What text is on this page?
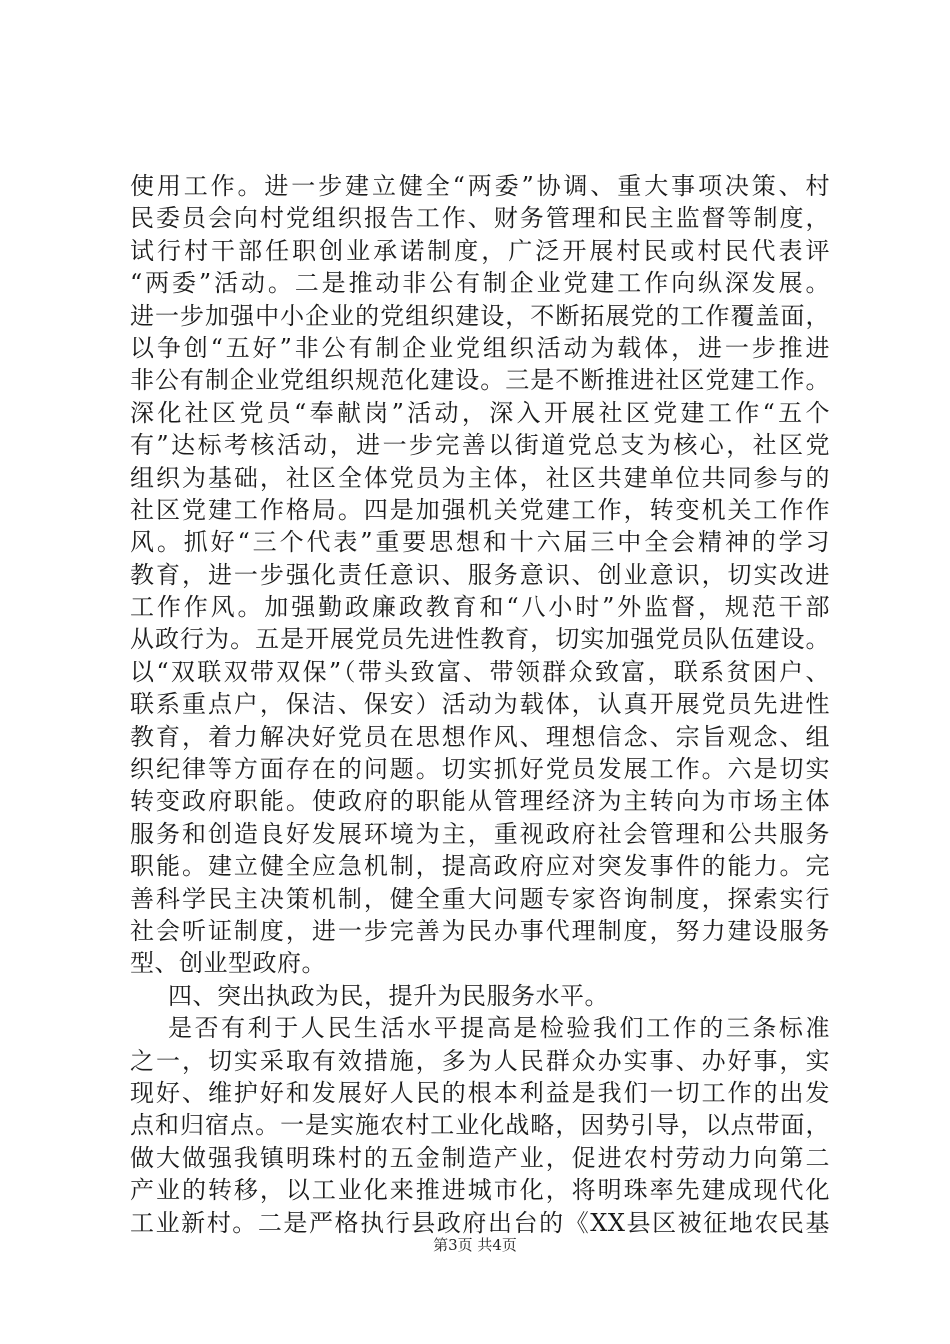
使用工作。进一步建立健全“两委”协调、重大事项决策、村
民委员会向村党组织报告工作、财务管理和民主监督等制度，
试行村干部任职创业承诺制度，广泛开展村民或村民代表评
“两委”活动。二是推动非公有制企业党建工作向纵深发展。
进一步加强中小企业的党组织建设，不断拓展党的工作覆盖面，
以争创“五好”非公有制企业党组织活动为载体，进一步推进
非公有制企业党组织规范化建设。三是不断推进社区党建工作。
深化社区党员“奉献岗”活动，深入开展社区党建工作“五个
有”达标考核活动，进一步完善以街道党总支为核心，社区党
组织为基础，社区全体党员为主体，社区共建单位共同参与的
社区党建工作格局。四是加强机关党建工作，转变机关工作作
风。抓好“三个代表”重要思想和十六届三中全会精神的学习
教育，进一步强化责任意识、服务意识、创业意识，切实改进
工作作风。加强勤政廉政教育和“八小时”外监督，规范干部
从政行为。五是开展党员先进性教育，切实加强党员队伍建设。
以“双联双带双保”（带头致富、带领群众致富，联系贫困户、
联系重点户，保洁、保安）活动为载体，认真开展党员先进性
教育，着力解决好党员在思想作风、理想信念、宗旨观念、组
织纪律等方面存在的问题。切实抓好党员发展工作。六是切实
转变政府职能。使政府的职能从管理经济为主转向为市场主体
服务和创造良好发展环境为主，重视政府社会管理和公共服务
职能。建立健全应急机制，提高政府应对突发事件的能力。完
善科学民主决策机制，健全重大问题专家咨询制度，探索实行
社会听证制度，进一步完善为民办事代理制度，努力建设服务
型、创业型政府。
四、突出执政为民，提升为民服务水平。
是否有利于人民生活水平提高是检验我们工作的三条标准
之一，切实采取有效措施，多为人民群众办实事、办好事，实
现好、维护好和发展好人民的根本利益是我们一切工作的出发
点和归宿点。一是实施农村工业化战略，因势引导，以点带面，
做大做强我镇明珠村的五金制造产业，促进农村劳动力向第二
产业的转移，以工业化来推进城市化，将明珠率先建成现代化
工业新村。二是严格执行县政府出台的《XX县区被征地农民基
第3页 共4页
